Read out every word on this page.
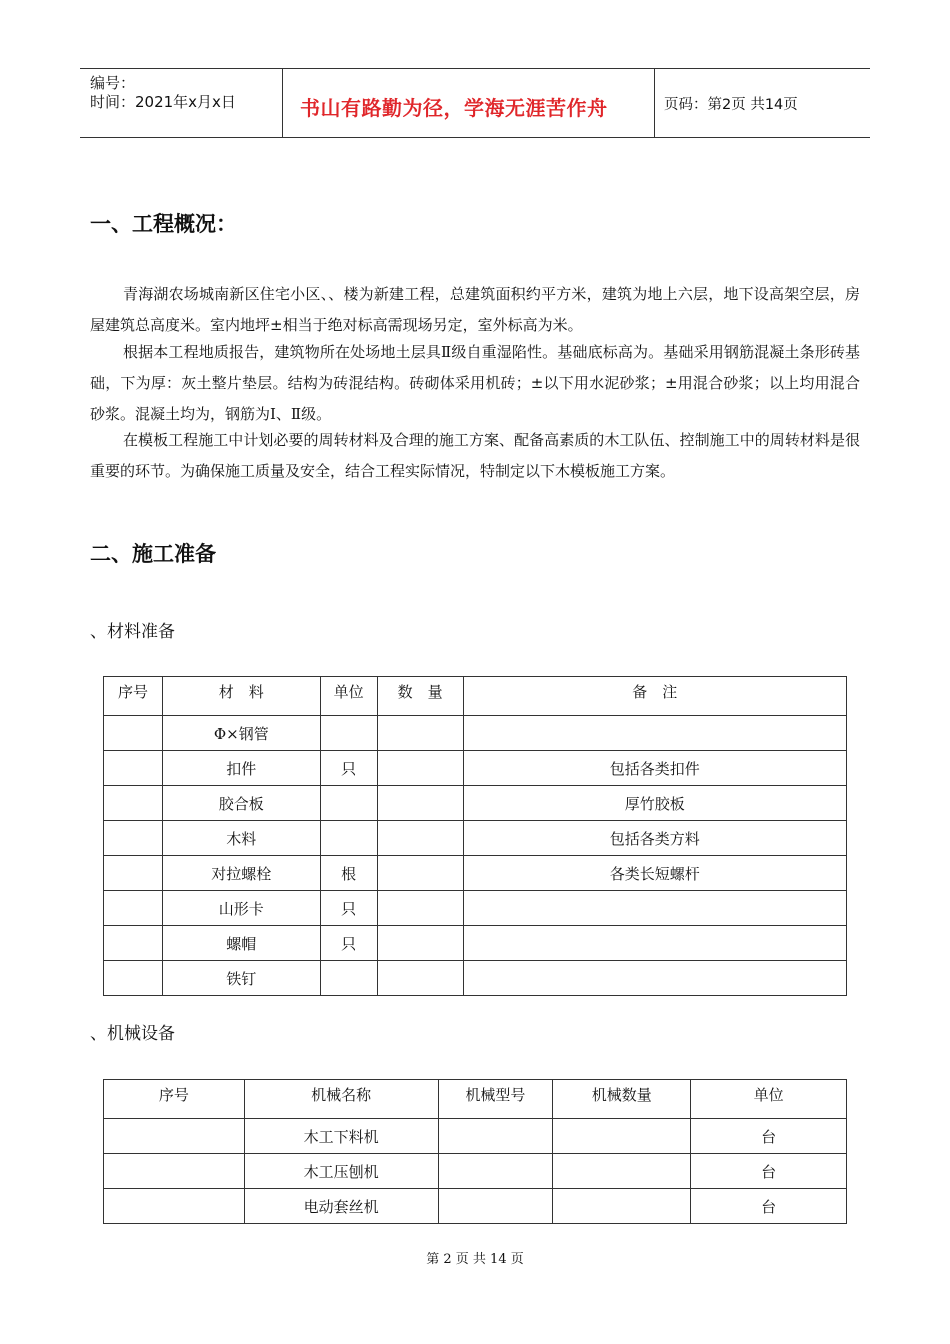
编号：
时间：2021年x月x日	书山有路勤为径，学海无涯苦作舟	页码：第2页 共14页
一、工程概况：

青海湖农场城南新区住宅小区、、楼为新建工程，总建筑面积约平方米，建筑为地上六层，地下设高架空层，房屋建筑总高度米。室内地坪±相当于绝对标高需现场另定，室外标高为米。

根据本工程地质报告，建筑物所在处场地土层具Ⅱ级自重湿陷性。基础底标高为。基础采用钢筋混凝土条形砖基础，下为厚：灰土整片垫层。结构为砖混结构。砖砌体采用机砖；±以下用水泥砂浆；±用混合砂浆；以上均用混合砂浆。混凝土均为，钢筋为Ⅰ、Ⅱ级。

在模板工程施工中计划必要的周转材料及合理的施工方案、配备高素质的木工队伍、控制施工中的周转材料是很重要的环节。为确保施工质量及安全，结合工程实际情况，特制定以下木模板施工方案。

二、施工准备

、材料准备

序号	材　料	单位	数　量	备　注
	Φ×钢管			
	扣件	只		包括各类扣件
	胶合板			厚竹胶板
	木料			包括各类方料
	对拉螺栓	根		各类长短螺杆
	山形卡	只		
	螺帽	只		
	铁钉			

、机械设备

序号	机械名称	机械型号	机械数量	单位
	木工下料机			台
	木工压刨机			台
	电动套丝机			台
第 2 页 共 14 页
